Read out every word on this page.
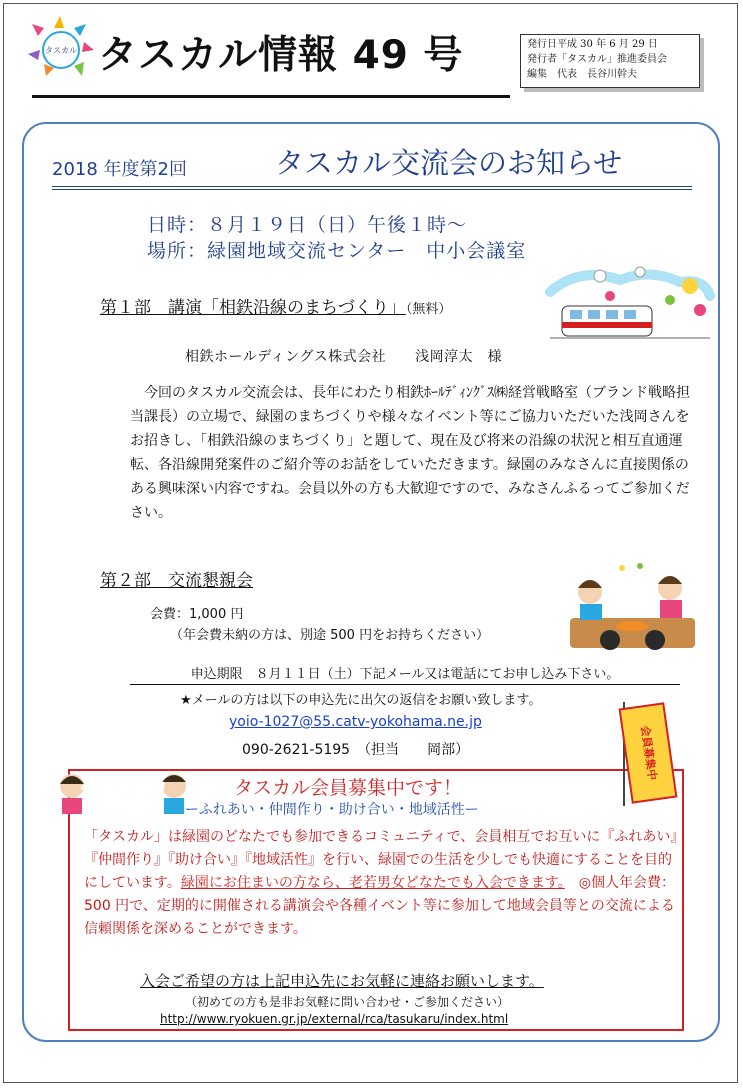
タスカル タスカル情報 49 号	発行日平成 30 年 6 月 29 日
発行者「タスカル」推進委員会
編集　代表　長谷川幹夫
2018 年度第2回	タスカル交流会のお知らせ
日時：８月１９日（日）午後１時～
場所：緑園地域交流センター　中小会議室
第１部　講演「相鉄沿線のまちづくり」（無料）
相鉄ホールディングス株式会社　　浅岡淳太　様

今回のタスカル交流会は、長年にわたり相鉄ﾎｰﾙﾃﾞｨﾝｸﾞｽ㈱経営戦略室（ブランド戦略担当課長）の立場で、緑園のまちづくりや様々なイベント等にご協力いただいた浅岡さんをお招きし、「相鉄沿線のまちづくり」と題して、現在及び将来の沿線の状況と相互直通運転、各沿線開発案件のご紹介等のお話をしていただきます。緑園のみなさんに直接関係のある興味深い内容ですね。会員以外の方も大歓迎ですので、みなさんふるってご参加ください。

第２部　交流懇親会
会費：1,000 円
（年会費未納の方は、別途 500 円をお持ちください）
申込期限　８月１１日（土）下記メール又は電話にてお申し込み下さい。
★メールの方は以下の申込先に出欠の返信をお願い致します。
yoio-1027@55.catv-yokohama.ne.jp
090-2621-5195　（担当　　岡部）
会員募集中
会員募集中
タスカル会員募集中です！
ーふれあい・仲間作り・助け合い・地域活性ー
「タスカル」は緑園のどなたでも参加できるコミュニティで、会員相互でお互いに『ふれあい』『仲間作り』『助け合い』『地域活性』を行い、緑園での生活を少しでも快適にすることを目的にしています。緑園にお住まいの方なら、老若男女どなたでも入会できます。　 ◎個人年会費： 500 円で、定期的に開催される講演会や各種イベント等に参加して地域会員等との交流による信頼関係を深めることができます。
入会ご希望の方は上記申込先にお気軽に連絡お願いします。
（初めての方も是非お気軽に問い合わせ・ご参加ください）
http://www.ryokuen.gr.jp/external/rca/tasukaru/index.html
